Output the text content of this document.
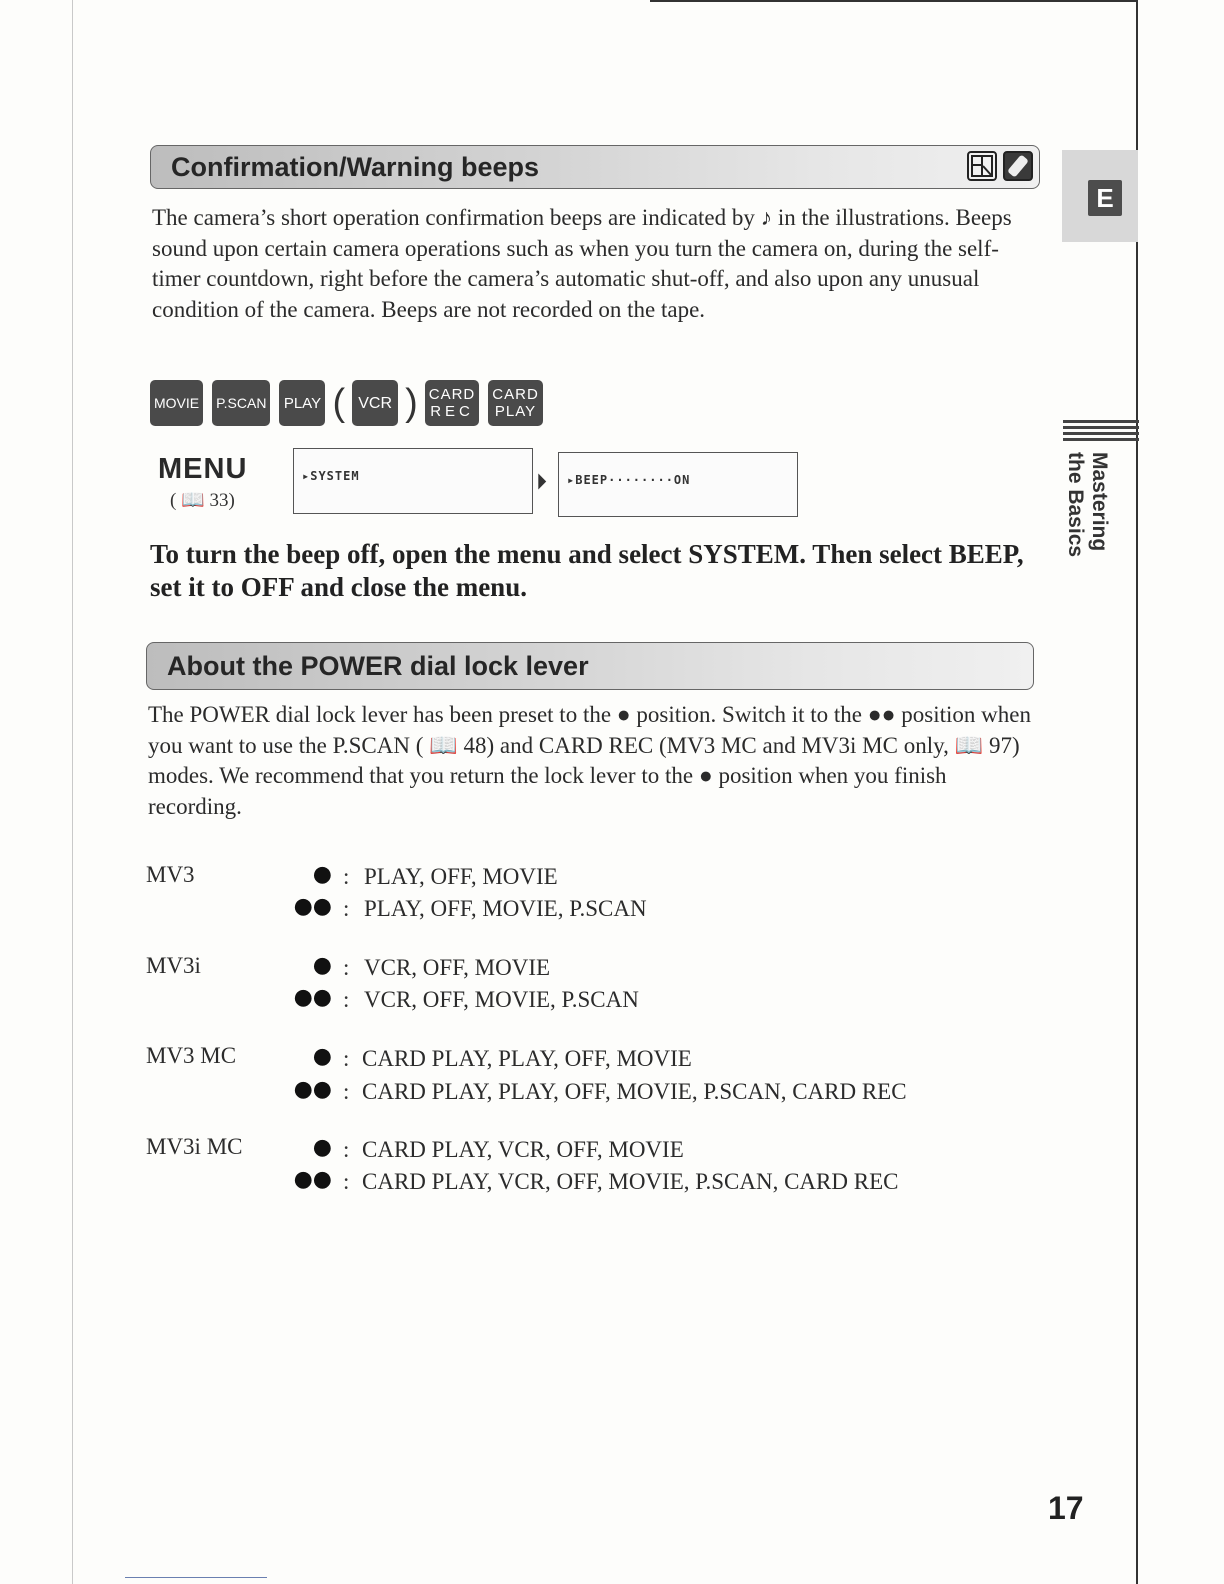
Confirmation/Warning beeps

The camera’s short operation confirmation beeps are indicated by ♪ in the illustrations. Beeps sound upon certain camera operations such as when you turn the camera on, during the self-timer countdown, right before the camera’s automatic shut-off, and also upon any unusual condition of the camera. Beeps are not recorded on the tape.

MOVIE P.SCAN PLAY ( VCR ) CARD
REC
CARD
PLAY
MENU
( 📖 33)
▸SYSTEM	⏵	▸BEEP········ON

To turn the beep off, open the menu and select SYSTEM. Then select BEEP, set it to OFF and close the menu.

About the POWER dial lock lever

The POWER dial lock lever has been preset to the ● position. Switch it to the ●● position when you want to use the P.SCAN ( 📖 48) and CARD REC (MV3 MC and MV3i MC only, 📖 97) modes. We recommend that you return the lock lever to the ● position when you finish recording.

MV3	● : PLAY, OFF, MOVIE
●● : PLAY, OFF, MOVIE, P.SCAN
MV3i	● : VCR, OFF, MOVIE
●● : VCR, OFF, MOVIE, P.SCAN
MV3 MC	● : CARD PLAY, PLAY, OFF, MOVIE
●● : CARD PLAY, PLAY, OFF, MOVIE, P.SCAN, CARD REC
MV3i MC	● : CARD PLAY, VCR, OFF, MOVIE
●● : CARD PLAY, VCR, OFF, MOVIE, P.SCAN, CARD REC
E
Mastering
the Basics
17
